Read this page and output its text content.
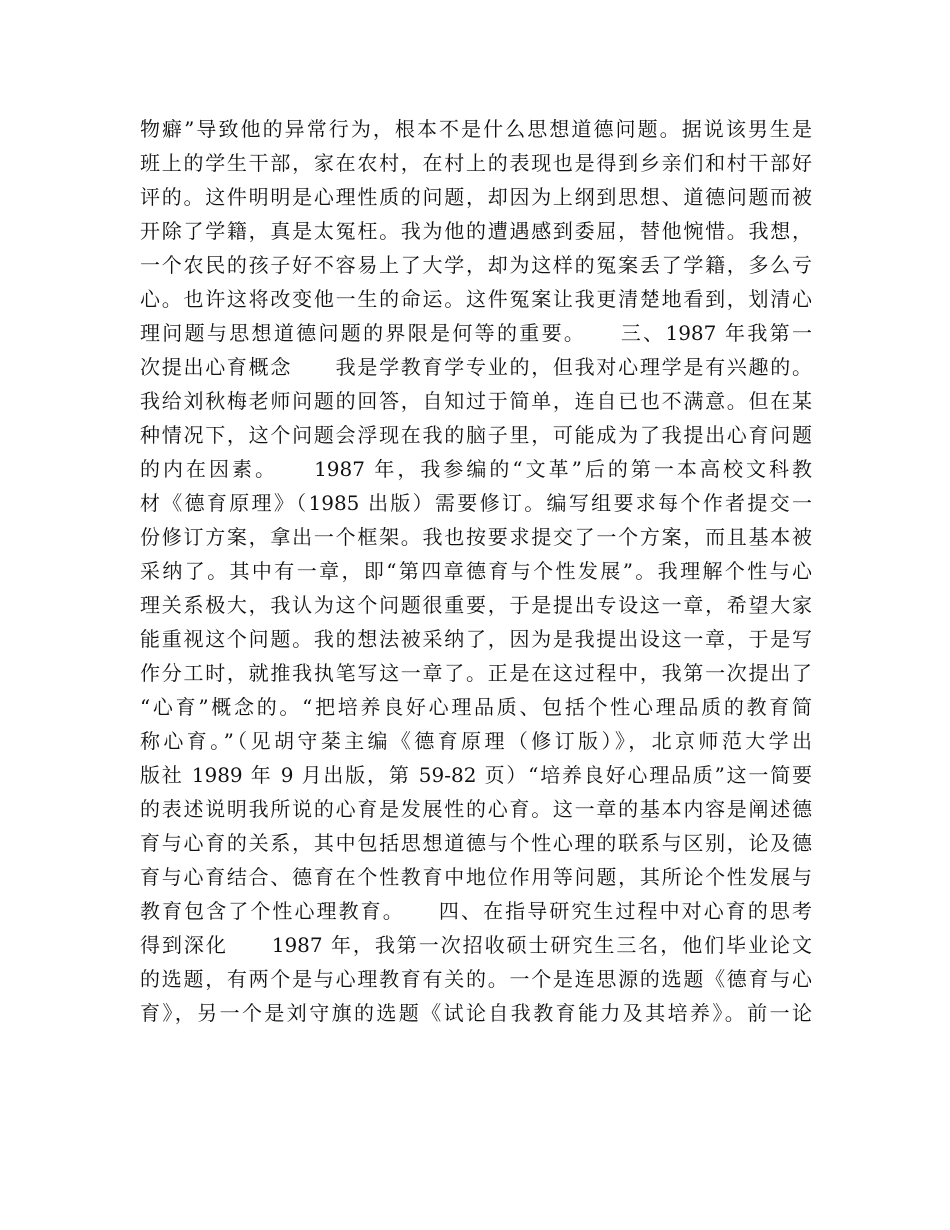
物癖”导致他的异常行为，根本不是什么思想道德问题。据说该男生是
班上的学生干部，家在农村，在村上的表现也是得到乡亲们和村干部好
评的。这件明明是心理性质的问题，却因为上纲到思想、道德问题而被
开除了学籍，真是太冤枉。我为他的遭遇感到委屈，替他惋惜。我想，
一个农民的孩子好不容易上了大学，却为这样的冤案丢了学籍，多么亏
心。也许这将改变他一生的命运。这件冤案让我更清楚地看到，划清心
理问题与思想道德问题的界限是何等的重要。　　三、1987 年我第一
次提出心育概念　　我是学教育学专业的，但我对心理学是有兴趣的。
我给刘秋梅老师问题的回答，自知过于简单，连自已也不满意。但在某
种情况下，这个问题会浮现在我的脑子里，可能成为了我提出心育问题
的内在因素。　　1987 年，我参编的“文革”后的第一本高校文科教
材《德育原理》（1985 出版）需要修订。编写组要求每个作者提交一
份修订方案，拿出一个框架。我也按要求提交了一个方案，而且基本被
采纳了。其中有一章，即“第四章德育与个性发展”。我理解个性与心
理关系极大，我认为这个问题很重要，于是提出专设这一章，希望大家
能重视这个问题。我的想法被采纳了，因为是我提出设这一章，于是写
作分工时，就推我执笔写这一章了。正是在这过程中，我第一次提出了
“心育”概念的。“把培养良好心理品质、包括个性心理品质的教育简
称心育。”（见胡守棻主编《德育原理（修订版）》，北京师范大学出
版社 1989 年 9 月出版，第 59-82 页）“培养良好心理品质”这一简要
的表述说明我所说的心育是发展性的心育。这一章的基本内容是阐述德
育与心育的关系，其中包括思想道德与个性心理的联系与区别，论及德
育与心育结合、德育在个性教育中地位作用等问题，其所论个性发展与
教育包含了个性心理教育。　　四、在指导研究生过程中对心育的思考
得到深化　　1987 年，我第一次招收硕士研究生三名，他们毕业论文
的选题，有两个是与心理教育有关的。一个是连思源的选题《德育与心
育》，另一个是刘守旗的选题《试论自我教育能力及其培养》。前一论
